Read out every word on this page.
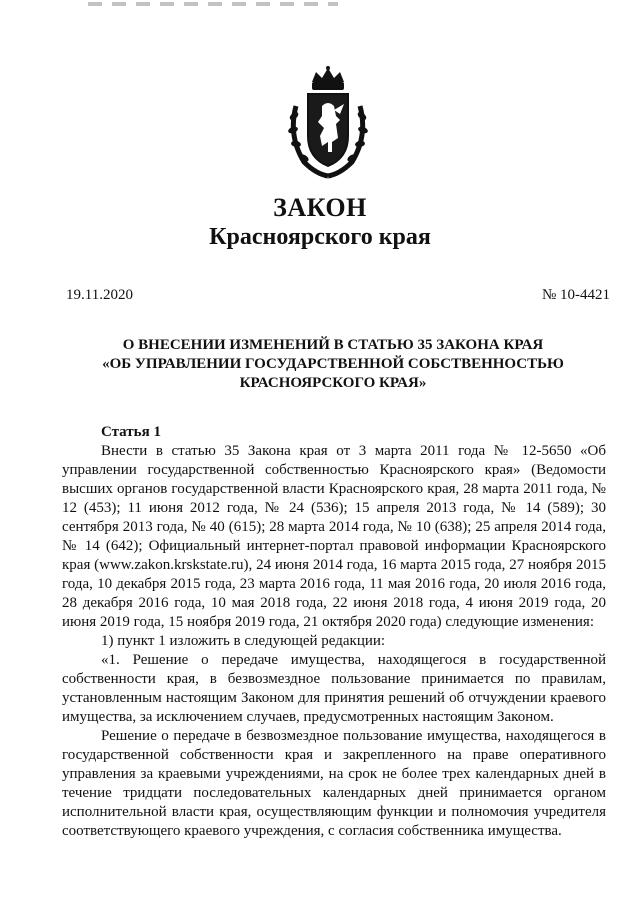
ЗАКОН
Красноярского края
19.11.2020	№ 10-4421
О ВНЕСЕНИИ ИЗМЕНЕНИЙ В СТАТЬЮ 35 ЗАКОНА КРАЯ
«ОБ УПРАВЛЕНИИ ГОСУДАРСТВЕННОЙ СОБСТВЕННОСТЬЮ
КРАСНОЯРСКОГО КРАЯ»
Статья 1

Внести в статью 35 Закона края от 3 марта 2011 года № 12-5650 «Об управлении государственной собственностью Красноярского края» (Ведомости высших органов государственной власти Красноярского края, 28 марта 2011 года, № 12 (453); 11 июня 2012 года, № 24 (536); 15 апреля 2013 года, № 14 (589); 30 сентября 2013 года, № 40 (615); 28 марта 2014 года, № 10 (638); 25 апреля 2014 года, № 14 (642); Официальный интернет-портал правовой информации Красноярского края (www.zakon.krskstate.ru), 24 июня 2014 года, 16 марта 2015 года, 27 ноября 2015 года, 10 декабря 2015 года, 23 марта 2016 года, 11 мая 2016 года, 20 июля 2016 года, 28 декабря 2016 года, 10 мая 2018 года, 22 июня 2018 года, 4 июня 2019 года, 20 июня 2019 года, 15 ноября 2019 года, 21 октября 2020 года) следующие изменения:

1) пункт 1 изложить в следующей редакции:

«1. Решение о передаче имущества, находящегося в государственной собственности края, в безвозмездное пользование принимается по правилам, установленным настоящим Законом для принятия решений об отчуждении краевого имущества, за исключением случаев, предусмотренных настоящим Законом.

Решение о передаче в безвозмездное пользование имущества, находящегося в государственной собственности края и закрепленного на праве оперативного управления за краевыми учреждениями, на срок не более трех календарных дней в течение тридцати последовательных календарных дней принимается органом исполнительной власти края, осуществляющим функции и полномочия учредителя соответствующего краевого учреждения, с согласия собственника имущества.
